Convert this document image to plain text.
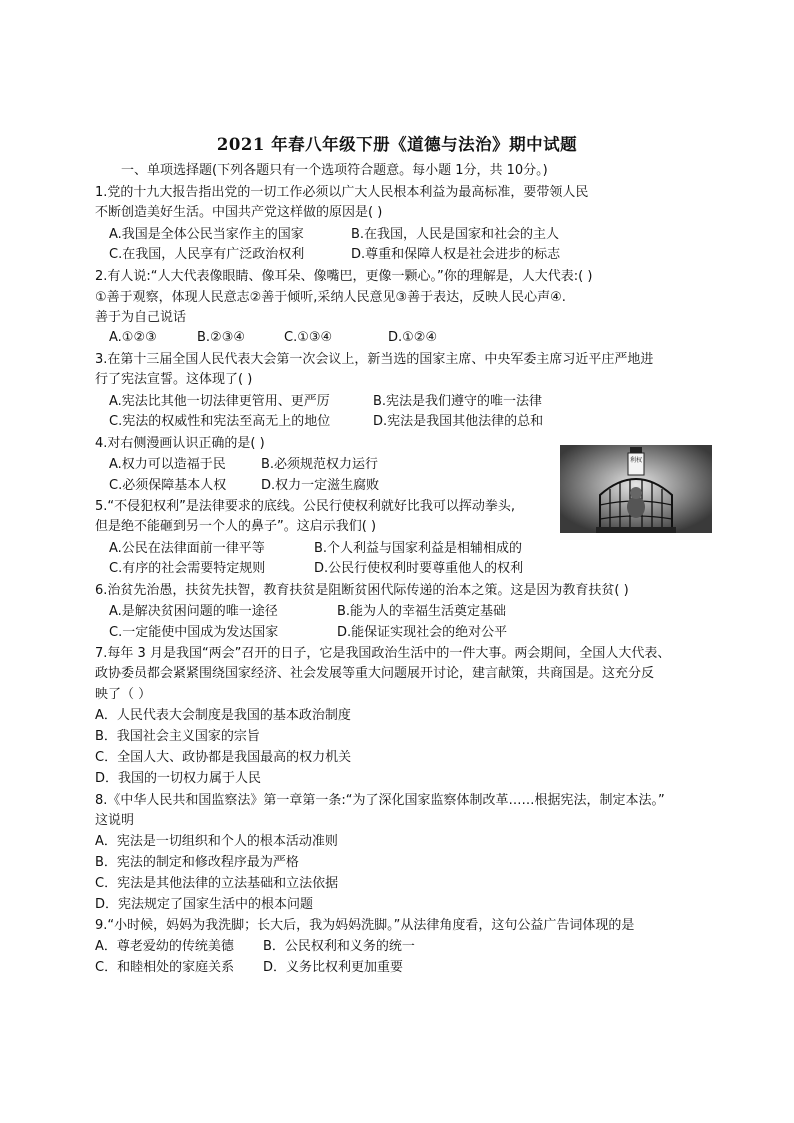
2021 年春八年级下册《道德与法治》期中试题
一、单项选择题(下列各题只有一个选项符合题意。每小题 1分，共 10分。)
1.党的十九大报告指出党的一切工作必须以广大人民根本利益为最高标准，要带领人民
不断创造美好生活。中国共产党这样做的原因是( )
A.我国是全体公民当家作主的国家	B.在我国，人民是国家和社会的主人
C.在我国，人民享有广泛政治权利	D.尊重和保障人权是社会进步的标志
2.有人说:“人大代表像眼睛、像耳朵、像嘴巴，更像一颗心。”你的理解是，人大代表:( )
①善于观察，体现人民意志②善于倾听,采纳人民意见③善于表达，反映人民心声④.
善于为自己说话
A.①②③	B.②③④	C.①③④	D.①②④
3.在第十三届全国人民代表大会第一次会议上，新当选的国家主席、中央军委主席习近平庄严地进
行了宪法宣誓。这体现了( )
A.宪法比其他一切法律更管用、更严厉	B.宪法是我们遵守的唯一法律
C.宪法的权威性和宪法至高无上的地位	D.宪法是我国其他法律的总和
4.对右侧漫画认识正确的是( )
A.权力可以造福于民	B.必须规范权力运行
C.必须保障基本人权	D.权力一定滋生腐败
利权
5.“不侵犯权利”是法律要求的底线。公民行使权利就好比我可以挥动拳头,
但是绝不能砸到另一个人的鼻子”。这启示我们( )
A.公民在法律面前一律平等	B.个人利益与国家利益是相辅相成的
C.有序的社会需要特定规则	D.公民行使权利时要尊重他人的权利
6.治贫先治愚，扶贫先扶智，教育扶贫是阻断贫困代际传递的治本之策。这是因为教育扶贫( )
A.是解决贫困问题的唯一途径	B.能为人的幸福生活奠定基础
C.一定能使中国成为发达国家	D.能保证实现社会的绝对公平
7.每年 3 月是我国“两会”召开的日子，它是我国政治生活中的一件大事。两会期间，全国人大代表、
政协委员都会紧紧围绕国家经济、社会发展等重大问题展开讨论，建言献策，共商国是。这充分反
映了（ ）
A．人民代表大会制度是我国的基本政治制度
B．我国社会主义国家的宗旨
C．全国人大、政协都是我国最高的权力机关
D．我国的一切权力属于人民
8.《中华人民共和国监察法》第一章第一条:“为了深化国家监察体制改革……根据宪法，制定本法。”
这说明
A．宪法是一切组织和个人的根本活动准则
B．宪法的制定和修改程序最为严格
C．宪法是其他法律的立法基础和立法依据
D．宪法规定了国家生活中的根本问题
9.“小时候，妈妈为我洗脚；长大后，我为妈妈洗脚。”从法律角度看，这句公益广告词体现的是
A．尊老爱幼的传统美德 B．公民权利和义务的统一
C．和睦相处的家庭关系 D．义务比权利更加重要
